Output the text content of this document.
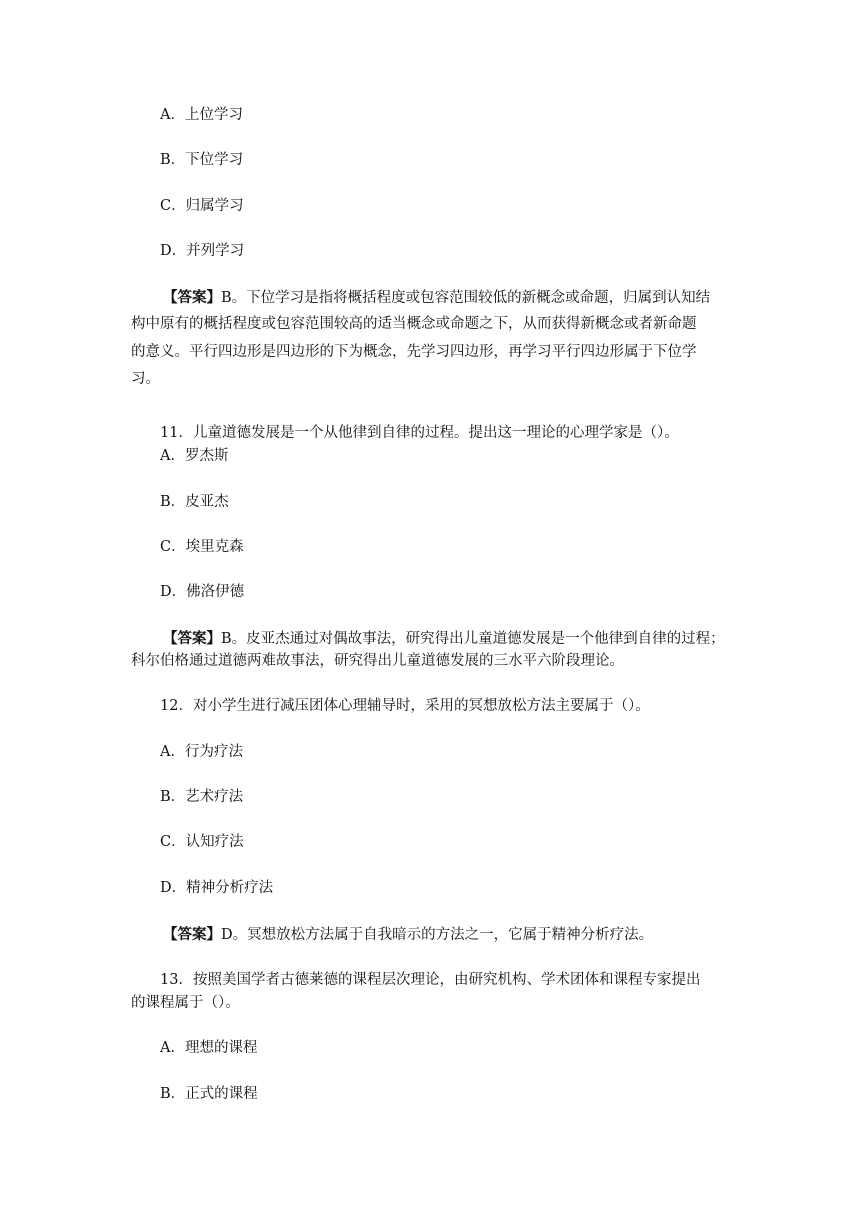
A．上位学习

B．下位学习

C．归属学习

D．并列学习

【答案】B。下位学习是指将概括程度或包容范围较低的新概念或命题，归属到认知结

构中原有的概括程度或包容范围较高的适当概念或命题之下，从而获得新概念或者新命题

的意义。平行四边形是四边形的下为概念，先学习四边形，再学习平行四边形属于下位学

习。

11．儿童道德发展是一个从他律到自律的过程。提出这一理论的心理学家是（）。

A．罗杰斯

B．皮亚杰

C．埃里克森

D．佛洛伊德

【答案】B。皮亚杰通过对偶故事法，研究得出儿童道德发展是一个他律到自律的过程；

科尔伯格通过道德两难故事法，研究得出儿童道德发展的三水平六阶段理论。

12．对小学生进行减压团体心理辅导时，采用的冥想放松方法主要属于（）。

A．行为疗法

B．艺术疗法

C．认知疗法

D．精神分析疗法

【答案】D。冥想放松方法属于自我暗示的方法之一，它属于精神分析疗法。

13．按照美国学者古德莱德的课程层次理论，由研究机构、学术团体和课程专家提出

的课程属于（）。

A．理想的课程

B．正式的课程
